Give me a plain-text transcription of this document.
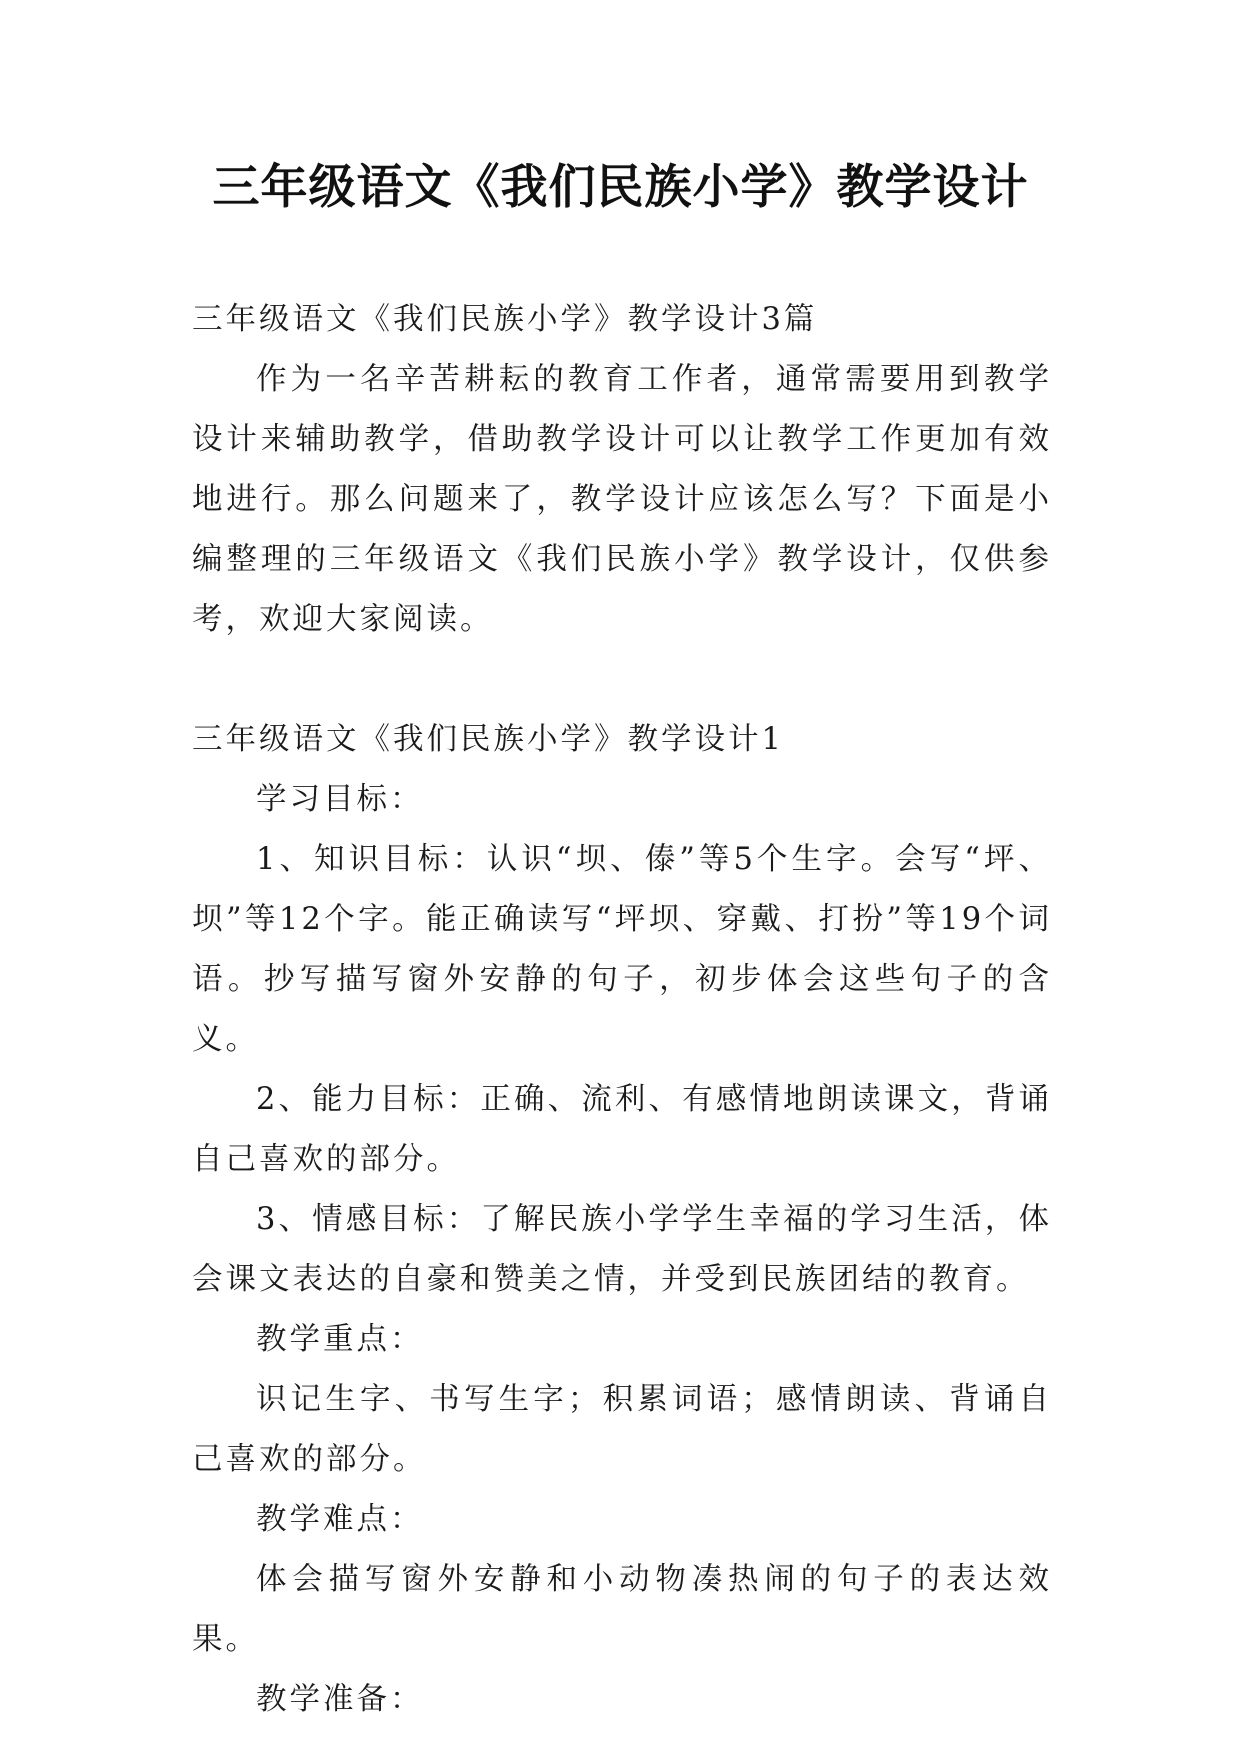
三年级语文《我们民族小学》教学设计

三年级语文《我们民族小学》教学设计3篇

作为一名辛苦耕耘的教育工作者，通常需要用到教学设计来辅助教学，借助教学设计可以让教学工作更加有效地进行。那么问题来了，教学设计应该怎么写？下面是小编整理的三年级语文《我们民族小学》教学设计，仅供参考，欢迎大家阅读。

三年级语文《我们民族小学》教学设计1

学习目标：

1、知识目标：认识“坝、傣”等5个生字。会写“坪、坝”等12个字。能正确读写“坪坝、穿戴、打扮”等19个词语。抄写描写窗外安静的句子，初步体会这些句子的含义。

2、能力目标：正确、流利、有感情地朗读课文，背诵自己喜欢的部分。

3、情感目标：了解民族小学学生幸福的学习生活，体会课文表达的自豪和赞美之情，并受到民族团结的教育。

教学重点：

识记生字、书写生字；积累词语；感情朗读、背诵自己喜欢的部分。

教学难点：

体会描写窗外安静和小动物凑热闹的句子的表达效果。

教学准备：
